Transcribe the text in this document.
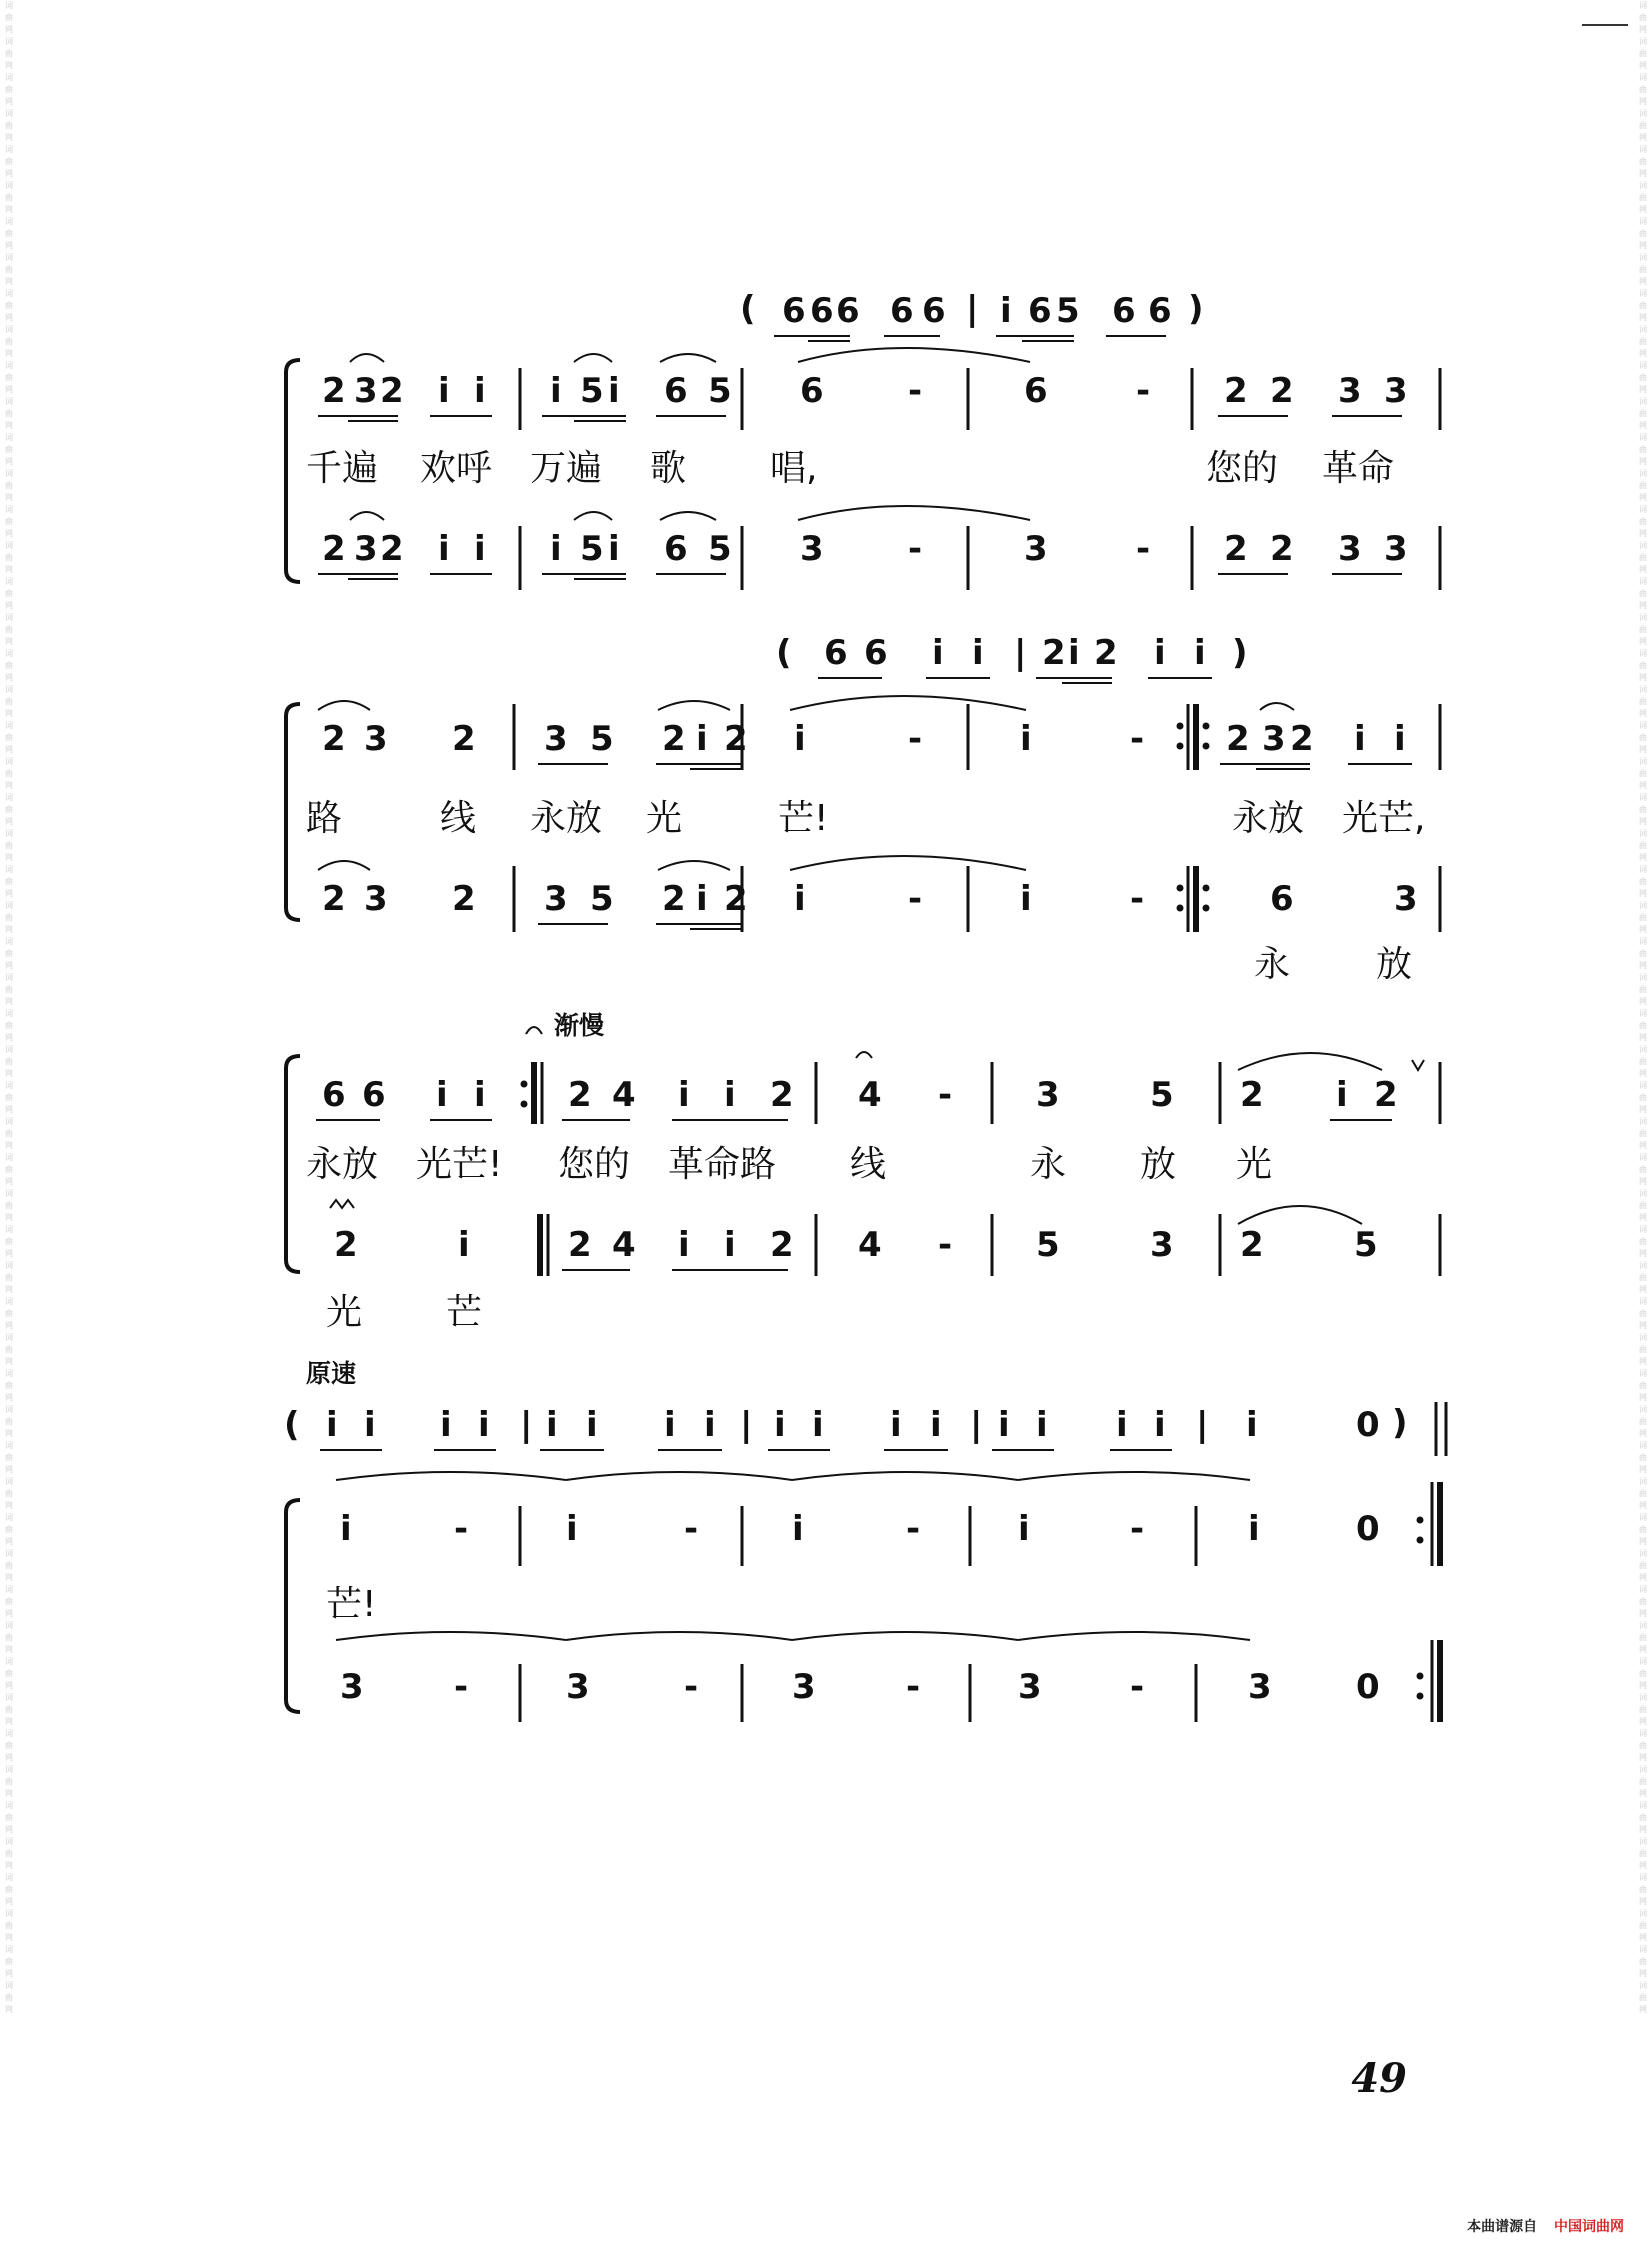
词曲网词曲网词曲网词曲网词曲网词曲网词曲网词曲网词曲网词曲网词曲网词曲网词曲网词曲网词曲网词曲网词曲网词曲网词曲网词曲网词曲网词曲网词曲网词曲网词曲网词曲网词曲网词曲网词曲网词曲网词曲网词曲网词曲网词曲网词曲网词曲网词曲网词曲网词曲网词曲网词曲网词曲网词曲网词曲网词曲网词曲网词曲网词曲网词曲网词曲网词曲网词曲网词曲网词曲网词曲网词曲网
词曲网词曲网词曲网词曲网词曲网词曲网词曲网词曲网词曲网词曲网词曲网词曲网词曲网词曲网词曲网词曲网词曲网词曲网词曲网词曲网词曲网词曲网词曲网词曲网词曲网词曲网词曲网词曲网词曲网词曲网词曲网词曲网词曲网词曲网词曲网词曲网词曲网词曲网词曲网词曲网词曲网词曲网词曲网词曲网词曲网词曲网词曲网词曲网词曲网词曲网词曲网词曲网词曲网词曲网词曲网词曲网
( 6 6 6 6 6 | i 6 5 6 6 )
2 3 2 i i i 5 i 6 5 6 -	6	- 2 2 3 3
千遍 欢呼 万遍 歌 唱,	您的 革命
2 3 2 i i i 5 i 6 5 3 -	3	- 2 2 3 3
( 6 6 i i | 2 i 2 i i )
2 3 2 3 5 2 i 2 i	-	i	- 2 3 2 i i
路	线 永放 光	芒!	永放 光芒,
2 3 2 3 5 2 i 2 i	-	i	-	6	3
永 放
渐慢
6 6 i i 2 4 i i 2 4 - 3	5 2 i 2
永放 光芒! 您的 革命路 线	永 放 光
2	i	2 4 i i 2 4 - 5	3 2	5
光 芒
原速
( i i i i | i i i i | i i i i | i i i i | i	0 )
i	-	i	-	i	-	i	-	i	0
芒!
3	-	3	-	3	-	3	-	3 0
49
本曲谱源自 中国词曲网
